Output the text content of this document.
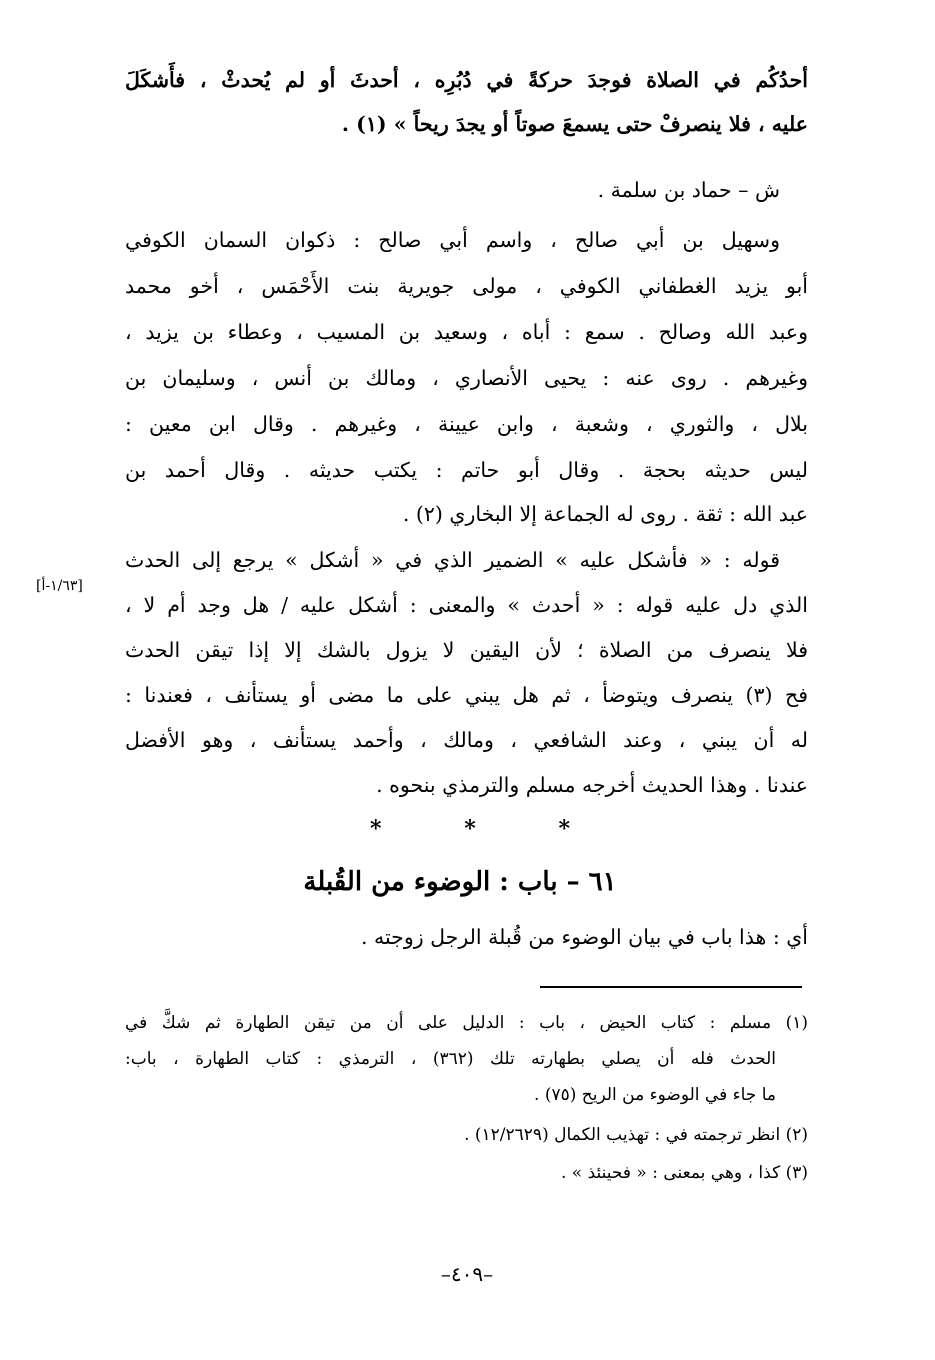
أحدُكُم في الصلاة فوجدَ حركةً في دُبُرِه ، أحدثَ أو لم يُحدثْ ، فأَشكَلَ
عليه ، فلا ينصرفْ حتى يسمعَ صوتاً أو يجدَ ريحاً » (١) .
ش – حماد بن سلمة .
وسهيل بن أبي صالح ، واسم أبي صالح : ذكوان السمان الكوفي
أبو يزيد الغطفاني الكوفي ، مولى جويرية بنت الأَحْمَس ، أخو محمد
وعبد الله وصالح . سمع : أباه ، وسعيد بن المسيب ، وعطاء بن يزيد ،
وغيرهم . روى عنه : يحيى الأنصاري ، ومالك بن أنس ، وسليمان بن
بلال ، والثوري ، وشعبة ، وابن عيينة ، وغيرهم . وقال ابن معين :
ليس حديثه بحجة . وقال أبو حاتم : يكتب حديثه . وقال أحمد بن
عبد الله : ثقة . روى له الجماعة إلا البخاري (٢) .
قوله : « فأشكل عليه » الضمير الذي في « أشكل » يرجع إلى الحدث
الذي دل عليه قوله : « أحدث » والمعنى : أشكل عليه / هل وجد أم لا ،
فلا ينصرف من الصلاة ؛ لأن اليقين لا يزول بالشك إلا إذا تيقن الحدث
فح (٣) ينصرف ويتوضأ ، ثم هل يبني على ما مضى أو يستأنف ، فعندنا :
له أن يبني ، وعند الشافعي ، ومالك ، وأحمد يستأنف ، وهو الأفضل
عندنا . وهذا الحديث أخرجه مسلم والترمذي بنحوه .
[١/٦٣-أ]
*	*	*
٦١ – باب : الوضوء من القُبلة
أي : هذا باب في بيان الوضوء من قُبلة الرجل زوجته .
(١) مسلم : كتاب الحيض ، باب : الدليل على أن من تيقن الطهارة ثم شكَّ في
الحدث فله أن يصلي بطهارته تلك (٣٦٢) ، الترمذي : كتاب الطهارة ، باب:
ما جاء في الوضوء من الريح (٧٥) .
(٢) انظر ترجمته في : تهذيب الكمال (١٢/٢٦٢٩) .
(٣) كذا ، وهي بمعنى : « فحينئذ » .
–٤٠٩–
